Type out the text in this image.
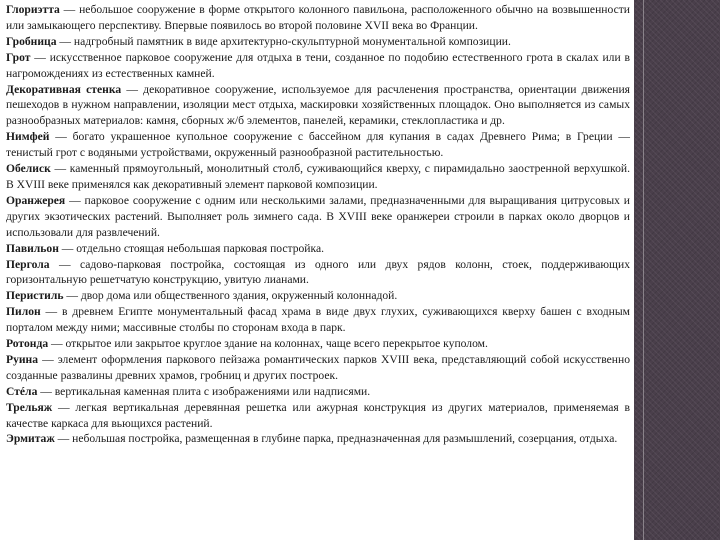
Глориэтта — небольшое сооружение в форме открытого колонного павильона, расположенного обычно на возвышенности или замыкающего перспективу. Впервые появилось во второй половине XVII века во Франции.

Гробница — надгробный памятник в виде архитектурно-скульптурной монументальной композиции.

Грот — искусственное парковое сооружение для отдыха в тени, созданное по подобию естественного грота в скалах или в нагромождениях из естественных камней.

Декоративная стенка — декоративное сооружение, используемое для расчленения пространства, ориентации движения пешеходов в нужном направлении, изоляции мест отдыха, маскировки хозяйственных площадок. Оно выполняется из самых разнообразных материалов: камня, сборных ж/б элементов, панелей, керамики, стеклопластика и др.

Нимфей — богато украшенное купольное сооружение с бассейном для купания в садах Древнего Рима; в Греции — тенистый грот с водяными устройствами, окруженный разнообразной растительностью.

Обелиск — каменный прямоугольный, монолитный столб, суживающийся кверху, с пирамидально заостренной верхушкой. В XVIII веке применялся как декоративный элемент парковой композиции.

Оранжерея — парковое сооружение с одним или несколькими залами, предназначенными для выращивания цитрусовых и других экзотических растений. Выполняет роль зимнего сада. В XVIII веке оранжереи строили в парках около дворцов и использовали для развлечений.

Павильон — отдельно стоящая небольшая парковая постройка.

Пергола — садово-парковая постройка, состоящая из одного или двух рядов колонн, стоек, поддерживающих горизонтальную решетчатую конструкцию, увитую лианами.

Перистиль — двор дома или общественного здания, окруженный колоннадой.

Пилон — в древнем Египте монументальный фасад храма в виде двух глухих, суживающихся кверху башен с входным порталом между ними; массивные столбы по сторонам входа в парк.

Ротонда — открытое или закрытое круглое здание на колоннах, чаще всего перекрытое куполом.

Руина — элемент оформления паркового пейзажа романтических парков XVIII века, представляющий собой искусственно созданные развалины древних храмов, гробниц и других построек.

Стéла — вертикальная каменная плита с изображениями или надписями.

Трельяж — легкая вертикальная деревянная решетка или ажурная конструкция из других материалов, применяемая в качестве каркаса для вьющихся растений.

Эрмитаж — небольшая постройка, размещенная в глубине парка, предназначенная для размышлений, созерцания, отдыха.
